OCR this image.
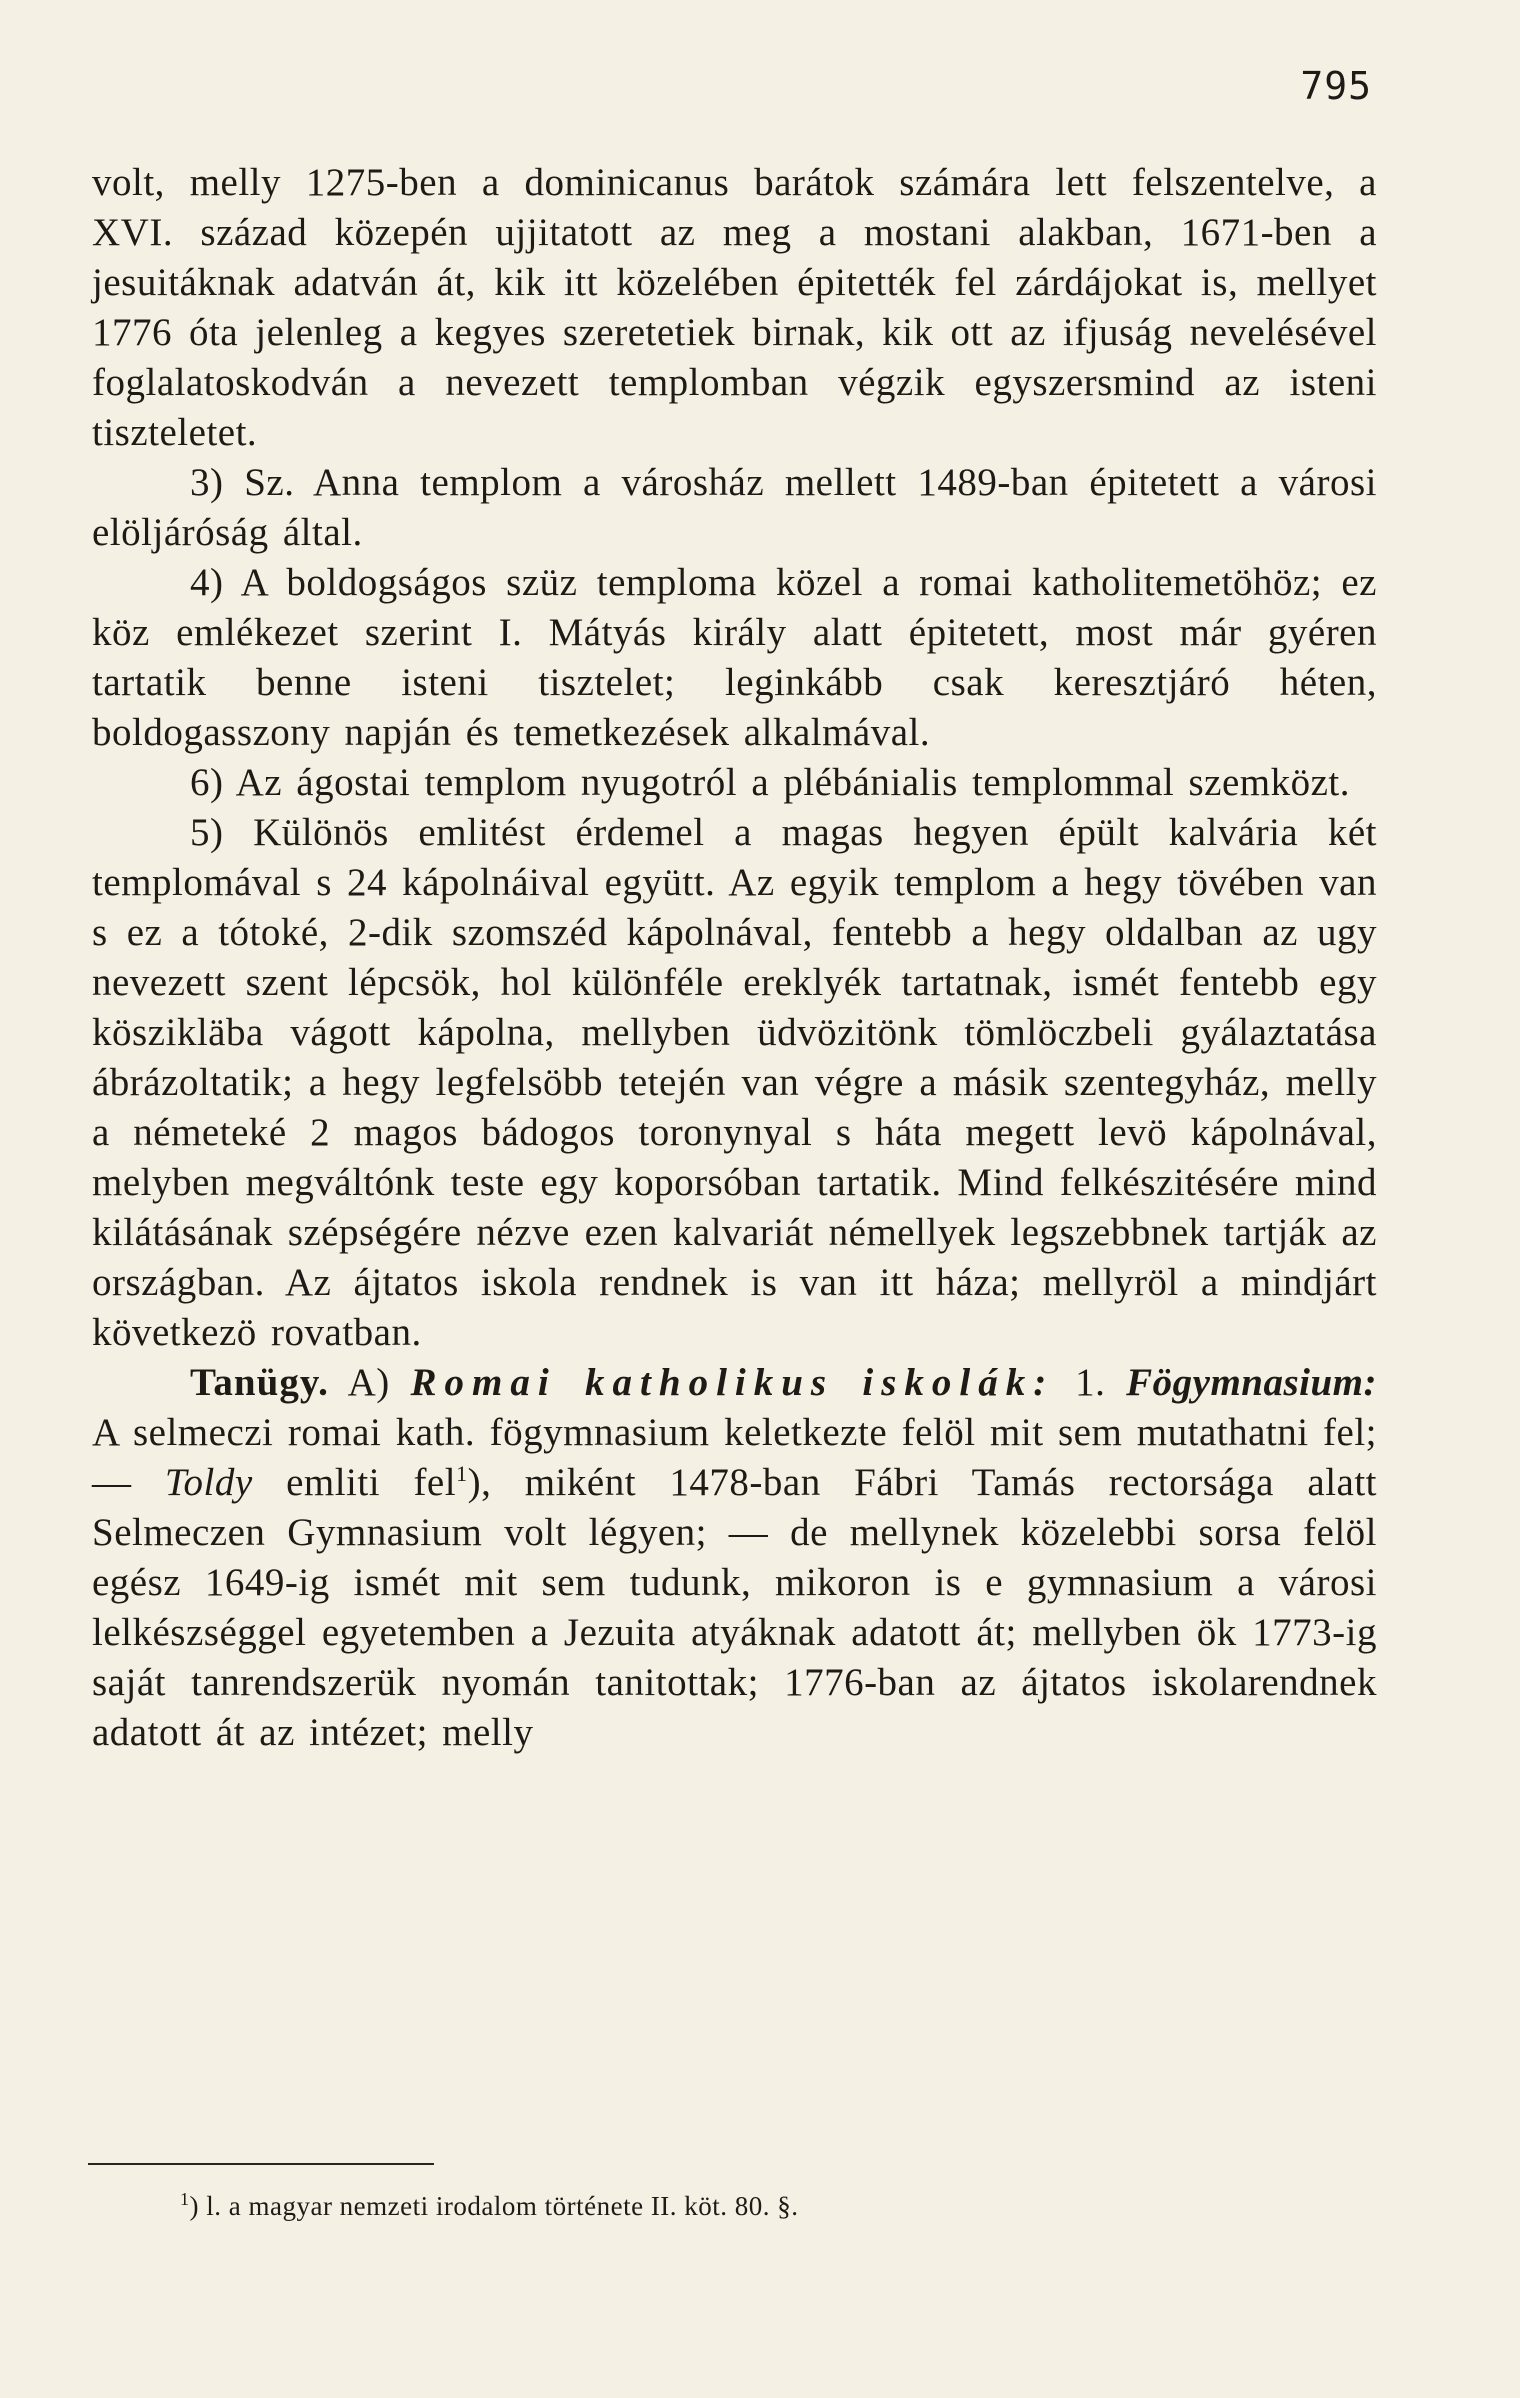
795

volt, melly 1275-ben a dominicanus barátok számára lett felszentelve, a XVI. század közepén ujjitatott az meg a mostani alakban, 1671-ben a jesuitáknak adatván át, kik itt közelében épitették fel zárdájokat is, mellyet 1776 óta jelenleg a kegyes szeretetiek birnak, kik ott az ifjuság nevelésével foglalatoskodván a nevezett templomban végzik egyszersmind az isteni tiszteletet.

3) Sz. Anna templom a városház mellett 1489-ban épitetett a városi elöljáróság által.

4) A boldogságos szüz temploma közel a romai katholitemetöhöz; ez köz emlékezet szerint I. Mátyás király alatt épitetett, most már gyéren tartatik benne isteni tisztelet; leginkább csak keresztjáró héten, boldogasszony napján és temetkezések alkalmával.

6) Az ágostai templom nyugotról a plébánialis templommal szemközt.

5) Különös emlitést érdemel a magas hegyen épült kalvária két templomával s 24 kápolnáival együtt. Az egyik templom a hegy tövében van s ez a tótoké, 2-dik szomszéd kápolnával, fentebb a hegy oldalban az ugy nevezett szent lépcsök, hol különféle ereklyék tartatnak, ismét fentebb egy köszikläba vágott kápolna, mellyben üdvözitönk tömlöczbeli gyálaztatása ábrázoltatik; a hegy legfelsöbb tetején van végre a másik szentegyház, melly a németeké 2 magos bádogos toronynyal s háta megett levö kápolnával, melyben megváltónk teste egy koporsóban tartatik. Mind felkészitésére mind kilátásának szépségére nézve ezen kalvariát némellyek legszebbnek tartják az országban. Az ájtatos iskola rendnek is van itt háza; mellyröl a mindjárt következö rovatban.

Tanügy. A) Romai katholikus iskolák: 1. Fögymnasium: A selmeczi romai kath. fögymnasium keletkezte felöl mit sem mutathatni fel; — Toldy emliti fel$^1$), miként 1478-ban Fábri Tamás rectorsága alatt Selmeczen Gymnasium volt légyen; — de mellynek közelebbi sorsa felöl egész 1649-ig ismét mit sem tudunk, mikoron is e gymnasium a városi lelkészséggel egyetemben a Jezuita atyáknak adatott át; mellyben ök 1773-ig saját tanrendszerük nyomán tanitottak; 1776-ban az ájtatos iskolarendnek adatott át az intézet; melly

$^1$) l. a magyar nemzeti irodalom története II. köt. 80. §.
